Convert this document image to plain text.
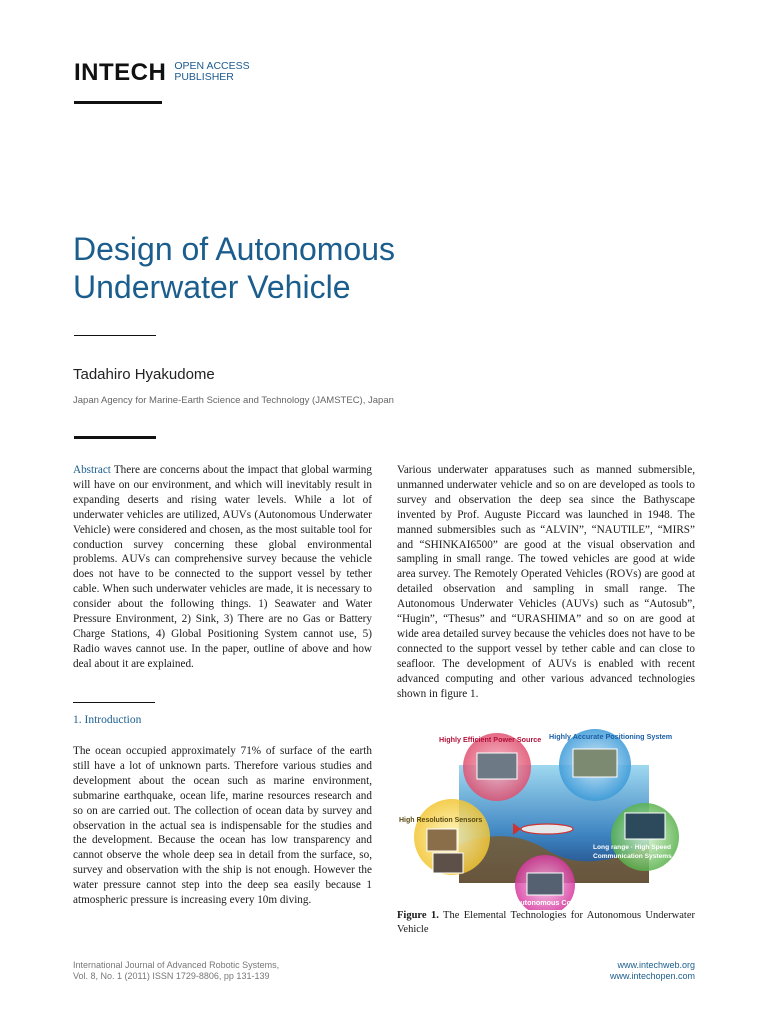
INTECH OPEN ACCESS
PUBLISHER
Design of Autonomous
Underwater Vehicle
Tadahiro Hyakudome
Japan Agency for Marine-Earth Science and Technology (JAMSTEC), Japan

Abstract There are concerns about the impact that global warming will have on our environment, and which will inevitably result in expanding deserts and rising water levels. While a lot of underwater vehicles are utilized, AUVs (Autonomous Underwater Vehicle) were considered and chosen, as the most suitable tool for conduction survey concerning these global environmental problems. AUVs can comprehensive survey because the vehicle does not have to be connected to the support vessel by tether cable. When such underwater vehicles are made, it is necessary to consider about the following things. 1) Seawater and Water Pressure Environment, 2) Sink, 3) There are no Gas or Battery Charge Stations, 4) Global Positioning System cannot use, 5) Radio waves cannot use. In the paper, outline of above and how deal about it are explained.

1. Introduction

The ocean occupied approximately 71% of surface of the earth still have a lot of unknown parts. Therefore various studies and development about the ocean such as marine environment, submarine earthquake, ocean life, marine resources research and so on are carried out. The collection of ocean data by survey and observation in the actual sea is indispensable for the studies and the development. Because the ocean has low transparency and cannot observe the whole deep sea in detail from the surface, so, survey and observation with the ship is not enough. However the water pressure cannot step into the deep sea easily because 1 atmospheric pressure is increasing every 10m diving.

Various underwater apparatuses such as manned submersible, unmanned underwater vehicle and so on are developed as tools to survey and observation the deep sea since the Bathyscape invented by Prof. Auguste Piccard was launched in 1948. The manned submersibles such as “ALVIN”, “NAUTILE”, “MIRS” and “SHINKAI6500” are good at the visual observation and sampling in small range. The towed vehicles are good at wide area survey. The Remotely Operated Vehicles (ROVs) are good at detailed observation and sampling in small range. The Autonomous Underwater Vehicles (AUVs) such as “Autosub”, “Hugin”, “Thesus” and “URASHIMA” and so on are good at wide area detailed survey because the vehicles does not have to be connected to the support vessel by tether cable and can close to seafloor. The development of AUVs is enabled with recent advanced computing and other various advanced technologies shown in figure 1.

Highly Efficient Power Source Highly Accurate Positioning System
High Resolution Sensors
Long range · High Speed Communication Systems
Smart Autonomous Controller

Figure 1. The Elemental Technologies for Autonomous Underwater Vehicle

International Journal of Advanced Robotic Systems,
Vol. 8, No. 1 (2011) ISSN 1729-8806, pp 131-139
www.intechweb.org
www.intechopen.com
